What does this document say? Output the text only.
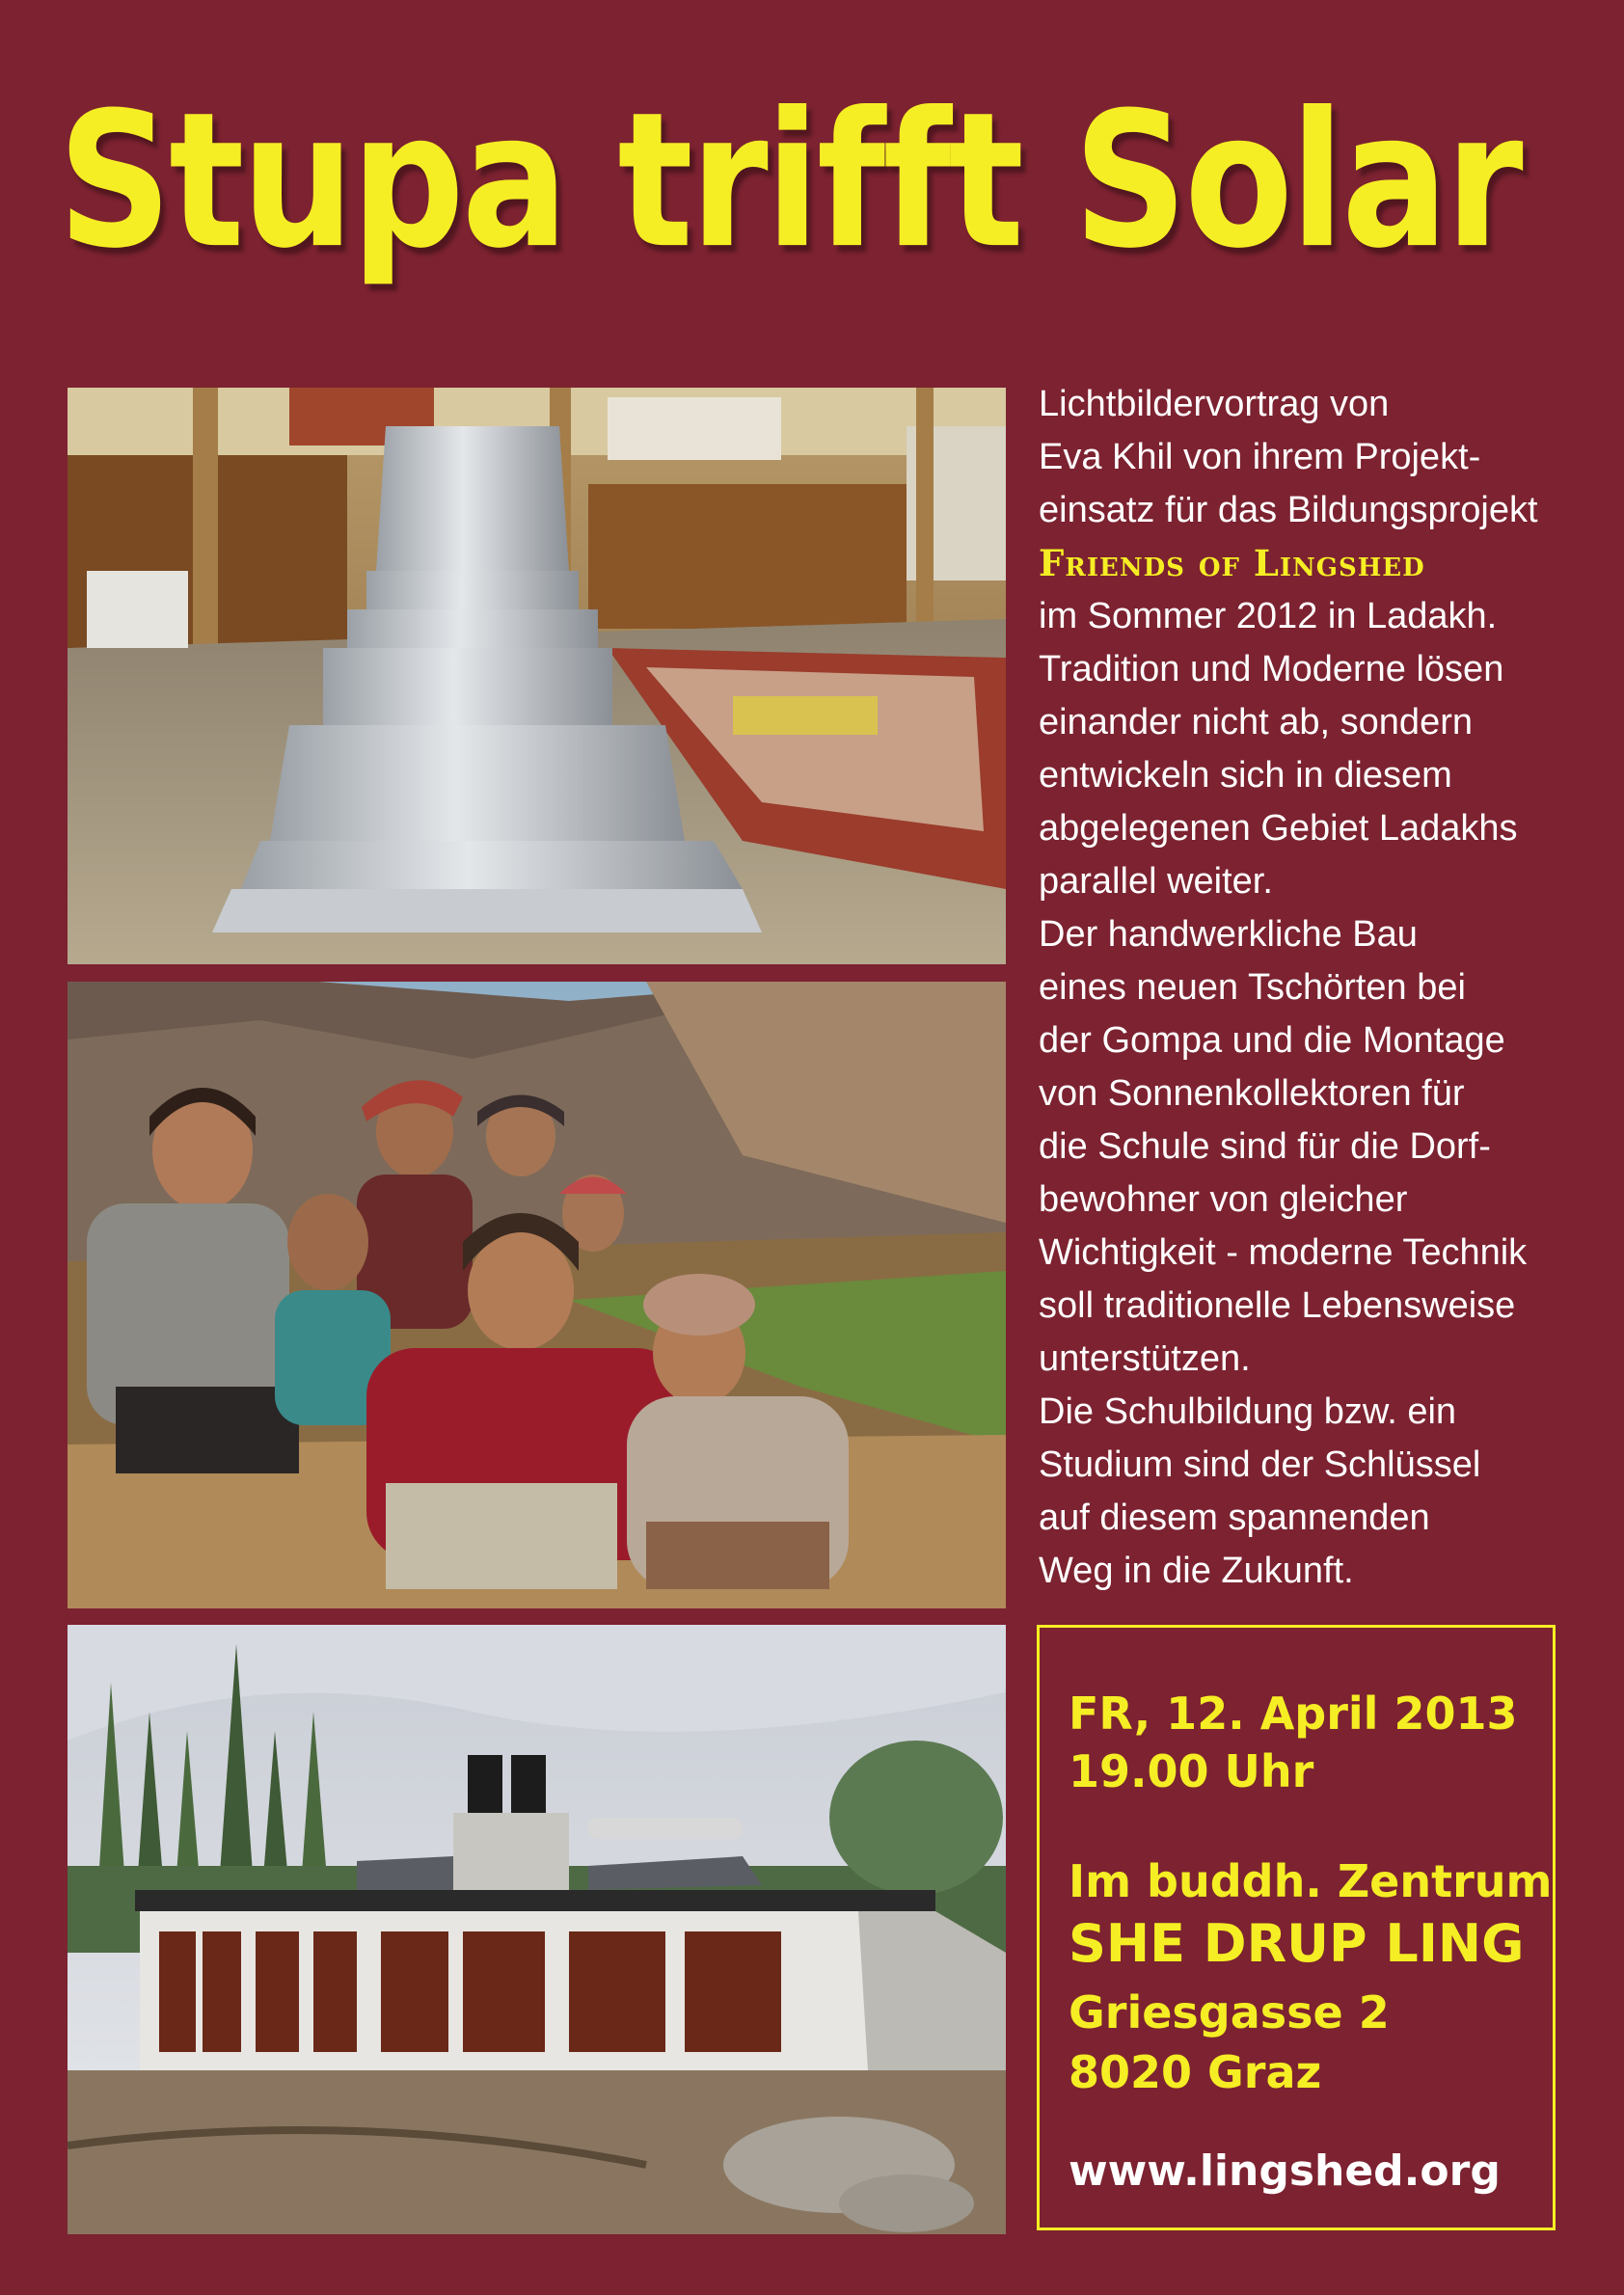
Stupa trifft Solar

Lichtbildervortrag von

Eva Khil von ihrem Projekt-

einsatz für das Bildungsprojekt

Friends of Lingshed

im Sommer 2012 in Ladakh.

Tradition und Moderne lösen

einander nicht ab, sondern

entwickeln sich in diesem

abgelegenen Gebiet Ladakhs

parallel weiter.

Der handwerkliche Bau

eines neuen Tschörten bei

der Gompa und die Montage

von Sonnenkollektoren für

die Schule sind für die Dorf-

bewohner von gleicher

Wichtigkeit - moderne Technik

soll traditionelle Lebensweise

unterstützen.

Die Schulbildung bzw. ein

Studium sind der Schlüssel

auf diesem spannenden

Weg in die Zukunft.

FR, 12. April 2013
19.00 Uhr
Im buddh. Zentrum
SHE DRUP LING
Griesgasse 2
8020 Graz
www.lingshed.org
